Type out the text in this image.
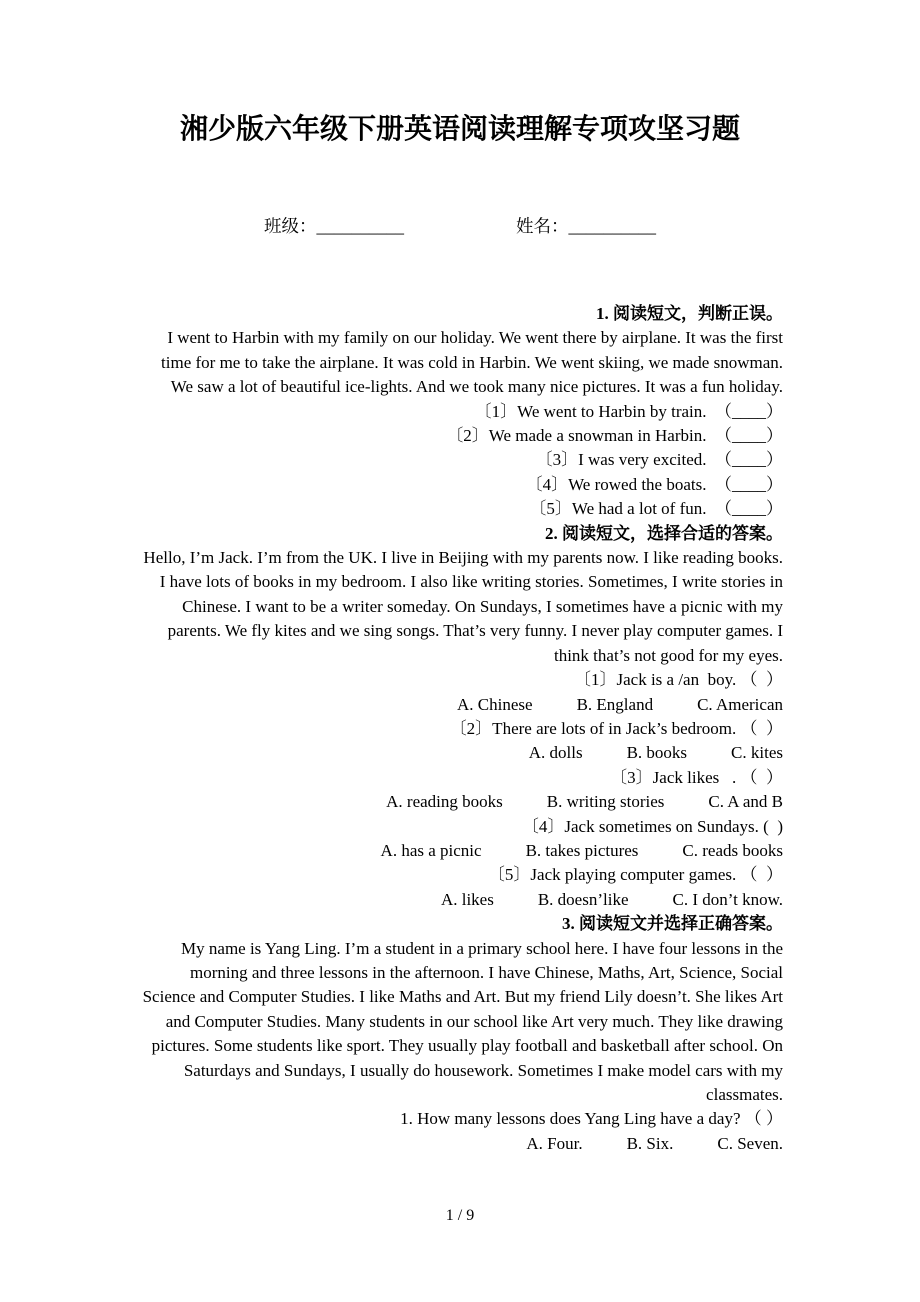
湘少版六年级下册英语阅读理解专项攻坚习题
班级：__________	姓名：__________
1. 阅读短文，判断正误。

I went to Harbin with my family on our holiday. We went there by airplane. It was the first time for me to take the airplane. It was cold in Harbin. We went skiing, we made snowman. We saw a lot of beautiful ice-lights. And we took many nice pictures. It was a fun holiday.

〔1〕We went to Harbin by train.  （____）
〔2〕We made a snowman in Harbin.  （____）
〔3〕I was very excited.  （____）
〔4〕We rowed the boats.  （____）
〔5〕We had a lot of fun.  （____）
2. 阅读短文，选择合适的答案。

Hello, I’m Jack. I’m from the UK. I live in Beijing with my parents now. I like reading books. I have lots of books in my bedroom. I also like writing stories. Sometimes, I write stories in Chinese. I want to be a writer someday. On Sundays, I sometimes have a picnic with my parents. We fly kites and we sing songs. That’s very funny. I never play computer games. I think that’s not good for my eyes.

〔1〕Jack is a /an  boy. （  ）
A. Chinese	B. England	C. American
〔2〕There are lots of in Jack’s bedroom. （  ）
A. dolls	B. books	C. kites
〔3〕Jack likes   . （  ）
A. reading books	B. writing stories	C. A and B
〔4〕Jack sometimes on Sundays. (  )
A. has a picnic	B. takes pictures	C. reads books
〔5〕Jack playing computer games. （  ）
A. likes	B. doesn’like	C. I don’t know.
3. 阅读短文并选择正确答案。

My name is Yang Ling. I’m a student in a primary school here. I have four lessons in the morning and three lessons in the afternoon. I have Chinese, Maths, Art, Science, Social Science and Computer Studies. I like Maths and Art. But my friend Lily doesn’t. She likes Art and Computer Studies. Many students in our school like Art very much. They like drawing pictures. Some students like sport. They usually play football and basketball after school. On Saturdays and Sundays, I usually do housework. Sometimes I make model cars with my classmates.

1. How many lessons does Yang Ling have a day? （ ）
A. Four.	B. Six.	C. Seven.
1 / 9
